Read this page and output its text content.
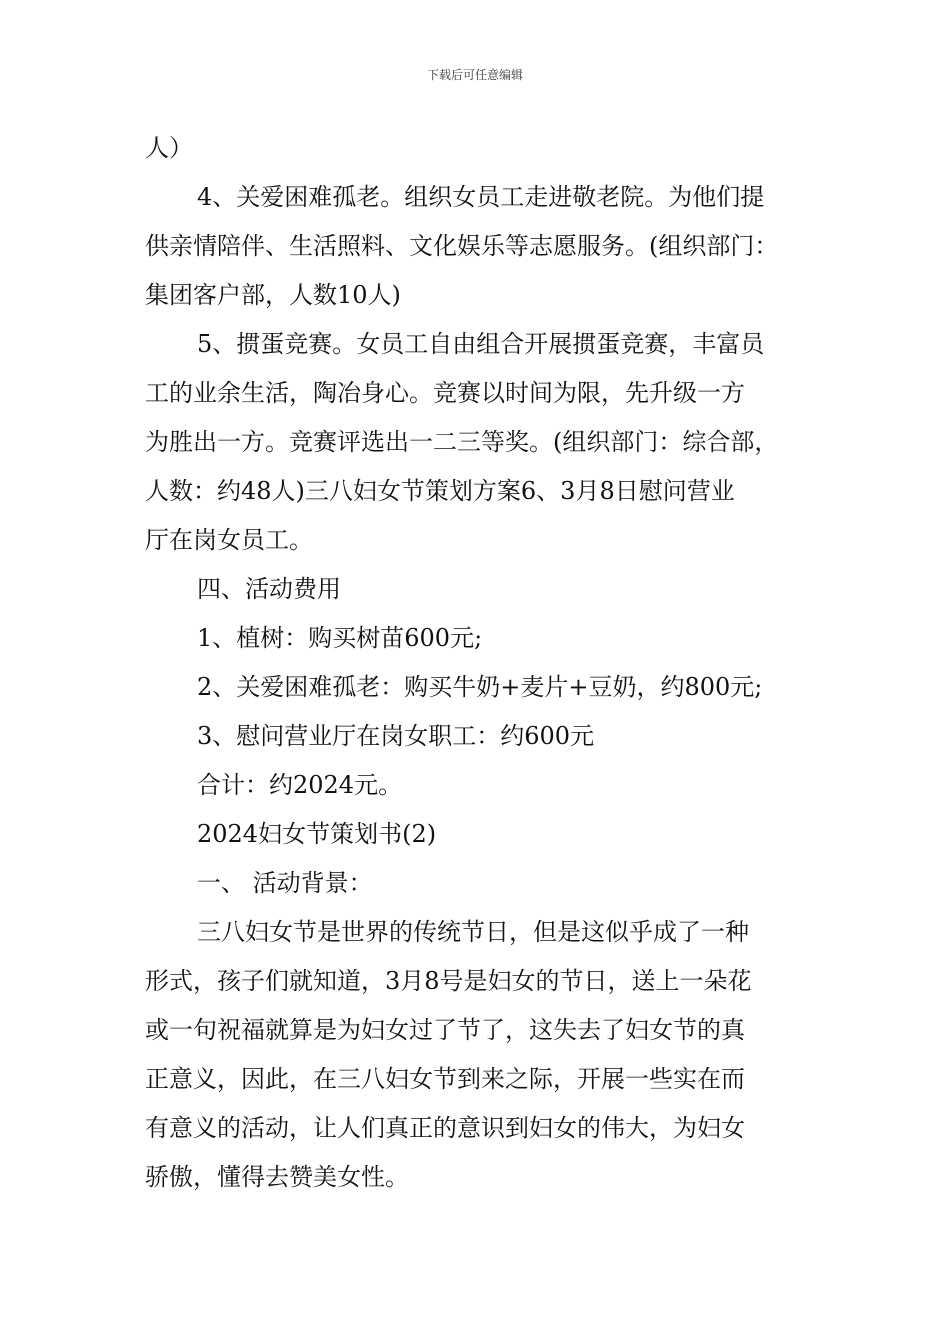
下载后可任意编辑
人）
4、关爱困难孤老。组织女员工走进敬老院。为他们提
供亲情陪伴、生活照料、文化娱乐等志愿服务。(组织部门：
集团客户部，人数10人)
5、掼蛋竞赛。女员工自由组合开展掼蛋竞赛，丰富员
工的业余生活，陶冶身心。竞赛以时间为限，先升级一方
为胜出一方。竞赛评选出一二三等奖。(组织部门：综合部，
人数：约48人)三八妇女节策划方案6、3月8日慰问营业
厅在岗女员工。
四、活动费用
1、植树：购买树苗600元;
2、关爱困难孤老：购买牛奶+麦片+豆奶，约800元;
3、慰问营业厅在岗女职工：约600元
合计：约2024元。
2024妇女节策划书(2)
一、 活动背景：
三八妇女节是世界的传统节日，但是这似乎成了一种
形式，孩子们就知道，3月8号是妇女的节日，送上一朵花
或一句祝福就算是为妇女过了节了，这失去了妇女节的真
正意义，因此，在三八妇女节到来之际，开展一些实在而
有意义的活动，让人们真正的意识到妇女的伟大，为妇女
骄傲，懂得去赞美女性。
